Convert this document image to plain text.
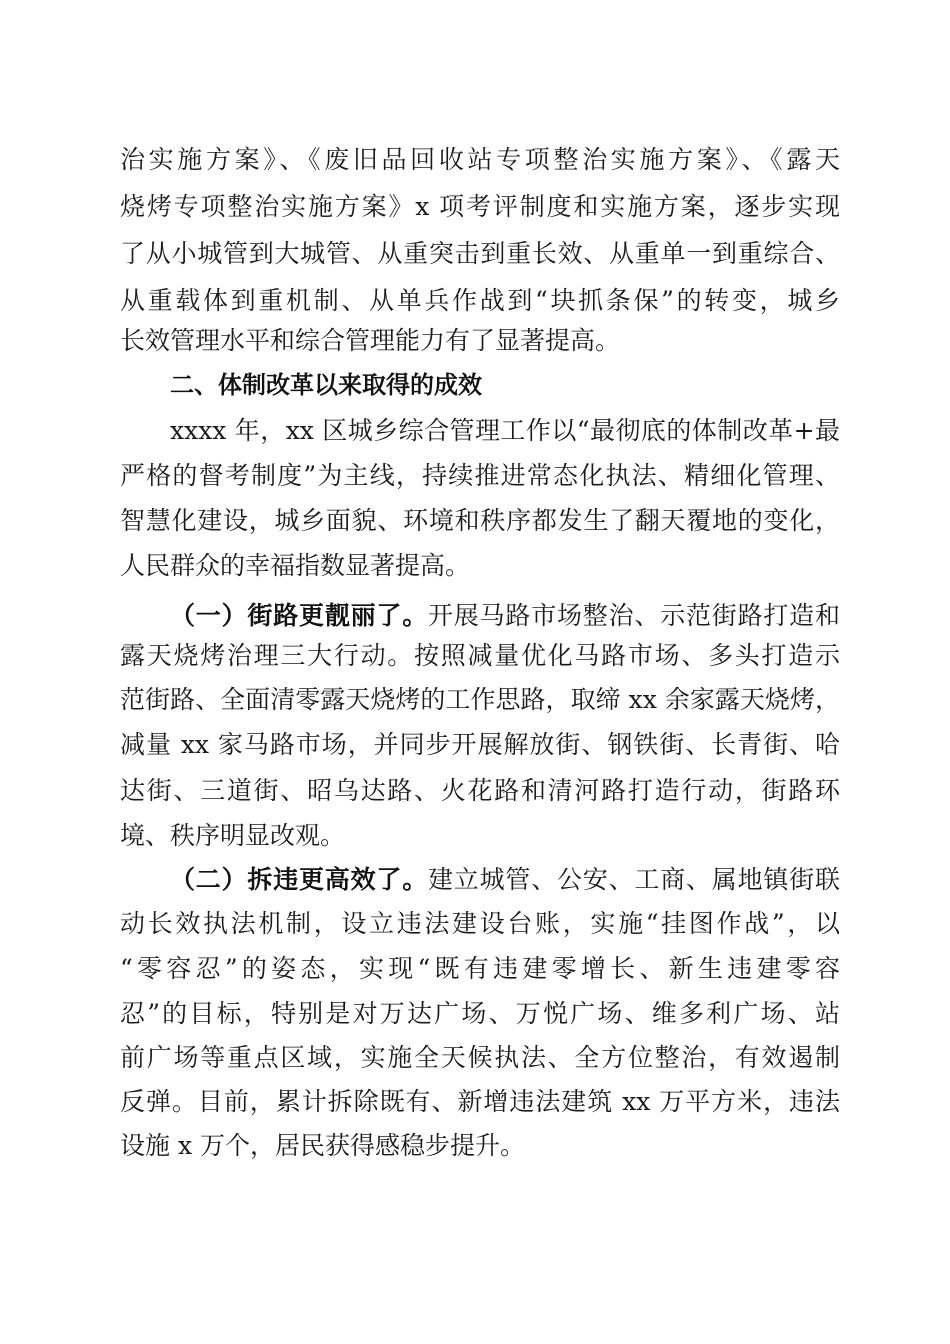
治实施方案》、《废旧品回收站专项整治实施方案》、《露天
烧烤专项整治实施方案》x 项考评制度和实施方案，逐步实现
了从小城管到大城管、从重突击到重长效、从重单一到重综合、
从重载体到重机制、从单兵作战到“块抓条保”的转变，城乡
长效管理水平和综合管理能力有了显著提高。
二、体制改革以来取得的成效
xxxx 年，xx 区城乡综合管理工作以“最彻底的体制改革+最
严格的督考制度”为主线，持续推进常态化执法、精细化管理、
智慧化建设，城乡面貌、环境和秩序都发生了翻天覆地的变化，
人民群众的幸福指数显著提高。
（一）街路更靓丽了。开展马路市场整治、示范街路打造和
露天烧烤治理三大行动。按照减量优化马路市场、多头打造示
范街路、全面清零露天烧烤的工作思路，取缔 xx 余家露天烧烤，
减量 xx 家马路市场，并同步开展解放街、钢铁街、长青街、哈
达街、三道街、昭乌达路、火花路和清河路打造行动，街路环
境、秩序明显改观。
（二）拆违更高效了。建立城管、公安、工商、属地镇街联
动长效执法机制，设立违法建设台账，实施“挂图作战”，以
“零容忍”的姿态，实现“既有违建零增长、新生违建零容
忍”的目标，特别是对万达广场、万悦广场、维多利广场、站
前广场等重点区域，实施全天候执法、全方位整治，有效遏制
反弹。目前，累计拆除既有、新增违法建筑 xx 万平方米，违法
设施 x 万个，居民获得感稳步提升。
